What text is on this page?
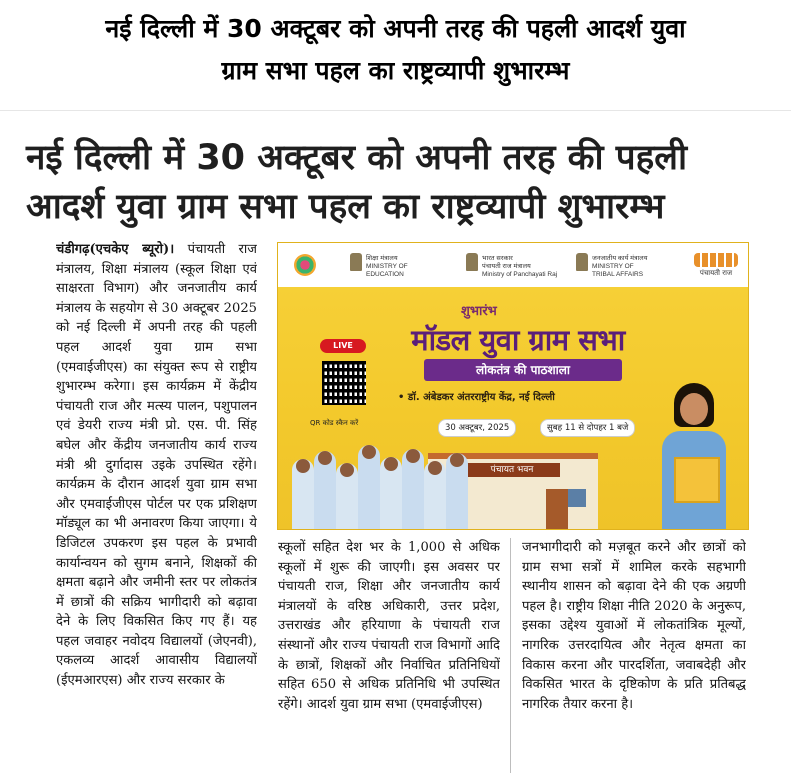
नई दिल्ली में 30 अक्टूबर को अपनी तरह की पहली आदर्श युवा
ग्राम सभा पहल का राष्ट्रव्यापी शुभारम्भ
नई दिल्ली में 30 अक्टूबर को अपनी तरह की पहली
आदर्श युवा ग्राम सभा पहल का राष्ट्रव्यापी शुभारम्भ

चंडीगढ़(एचकेए ब्यूरो)। पंचायती राज मंत्रालय, शिक्षा मंत्रालय (स्कूल शिक्षा एवं साक्षरता विभाग) और जनजातीय कार्य मंत्रालय के सहयोग से 30 अक्टूबर 2025 को नई दिल्ली में अपनी तरह की पहली पहल आदर्श युवा ग्राम सभा (एमवाईजीएस) का संयुक्त रूप से राष्ट्रीय शुभारम्भ करेगा। इस कार्यक्रम में केंद्रीय पंचायती राज और मत्स्य पालन, पशुपालन एवं डेयरी राज्य मंत्री प्रो. एस. पी. सिंह बघेल और केंद्रीय जनजातीय कार्य राज्य मंत्री श्री दुर्गादास उइके उपस्थित रहेंगे। कार्यक्रम के दौरान आदर्श युवा ग्राम सभा और एमवाईजीएस पोर्टल पर एक प्रशिक्षण मॉड्यूल का भी अनावरण किया जाएगा। ये डिजिटल उपकरण इस पहल के प्रभावी कार्यान्वयन को सुगम बनाने, शिक्षकों की क्षमता बढ़ाने और जमीनी स्तर पर लोकतंत्र में छात्रों की सक्रिय भागीदारी को बढ़ावा देने के लिए विकसित किए गए हैं। यह पहल जवाहर नवोदय विद्यालयों (जेएनवी), एकलव्य आदर्श आवासीय विद्यालयों (ईएमआरएस) और राज्य सरकार के

शिक्षा मंत्रालय
MINISTRY OF
EDUCATION
भारत सरकार
पंचायती राज मंत्रालय
Ministry of Panchayati Raj
जनजातीय कार्य मंत्रालय
MINISTRY OF
TRIBAL AFFAIRS	पंचायती राज
LIVE
QR कोड स्कैन करें
शुभारंभ
मॉडल युवा ग्राम सभा
लोकतंत्र की पाठशाला
• डॉ. अंबेडकर अंतरराष्ट्रीय केंद्र, नई दिल्ली
30 अक्टूबर, 2025	सुबह 11 से दोपहर 1 बजे
पंचायत भवन

स्कूलों सहित देश भर के 1,000 से अधिक स्कूलों में शुरू की जाएगी। इस अवसर पर पंचायती राज, शिक्षा और जनजातीय कार्य मंत्रालयों के वरिष्ठ अधिकारी, उत्तर प्रदेश, उत्तराखंड और हरियाणा के पंचायती राज संस्थानों और राज्य पंचायती राज विभागों आदि के छात्रों, शिक्षकों और निर्वाचित प्रतिनिधियों सहित 650 से अधिक प्रतिनिधि भी उपस्थित रहेंगे। आदर्श युवा ग्राम सभा (एमवाईजीएस)

जनभागीदारी को मज़बूत करने और छात्रों को ग्राम सभा सत्रों में शामिल करके सहभागी स्थानीय शासन को बढ़ावा देने की एक अग्रणी पहल है। राष्ट्रीय शिक्षा नीति 2020 के अनुरूप, इसका उद्देश्य युवाओं में लोकतांत्रिक मूल्यों, नागरिक उत्तरदायित्व और नेतृत्व क्षमता का विकास करना और पारदर्शिता, जवाबदेही और विकसित भारत के दृष्टिकोण के प्रति प्रतिबद्ध नागरिक तैयार करना है।
